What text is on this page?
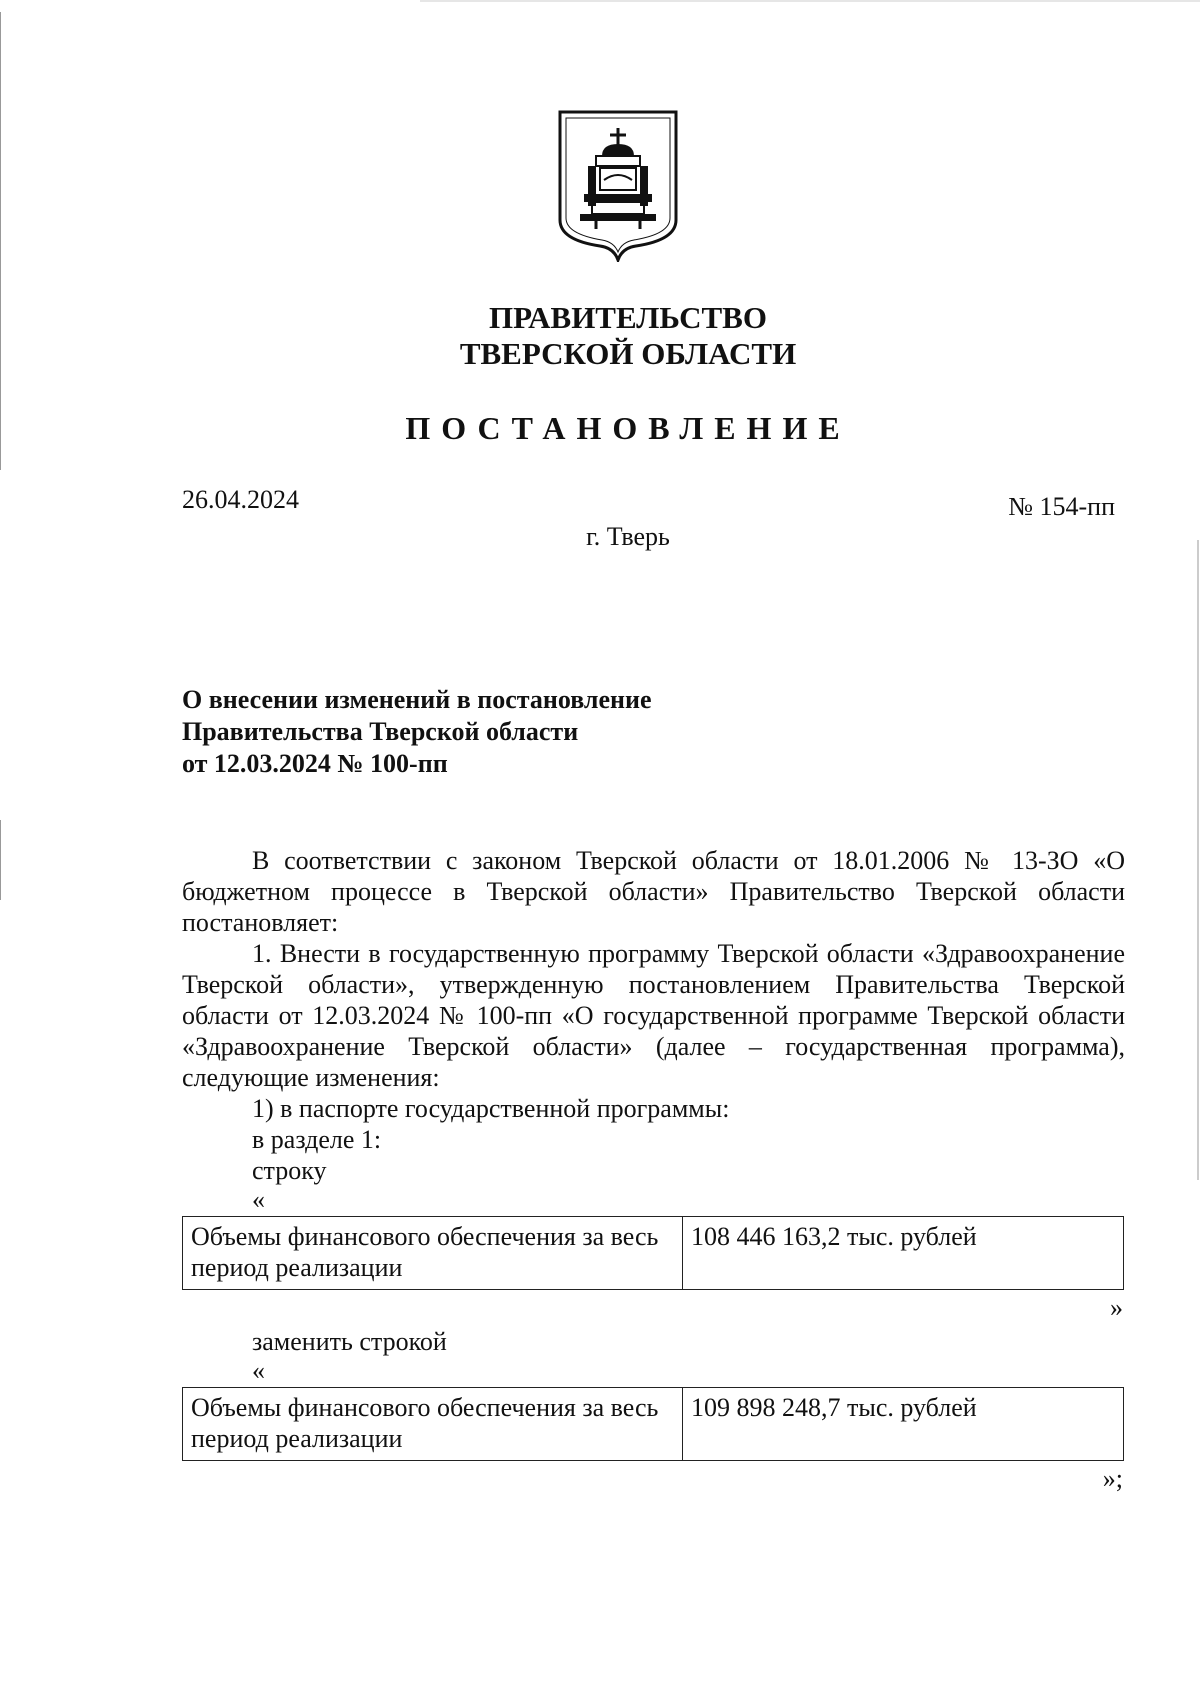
ПРАВИТЕЛЬСТВО
ТВЕРСКОЙ ОБЛАСТИ
ПОСТАНОВЛЕНИЕ
26.04.2024	№ 154-пп
г. Тверь
О внесении изменений в постановление
Правительства Тверской области
от 12.03.2024 № 100-пп

В соответствии с законом Тверской области от 18.01.2006 № 13-ЗО «О бюджетном процессе в Тверской области» Правительство Тверской области постановляет:

1. Внести в государственную программу Тверской области «Здравоохранение Тверской области», утвержденную постановлением Правительства Тверской области от 12.03.2024 № 100-пп «О государственной программе Тверской области «Здравоохранение Тверской области» (далее – государственная программа), следующие изменения:

1) в паспорте государственной программы:

в разделе 1:

строку

«

Объемы финансового обеспечения за весь период реализации	108 446 163,2 тыс. рублей

»

заменить строкой

«

Объемы финансового обеспечения за весь период реализации	109 898 248,7 тыс. рублей

»;
